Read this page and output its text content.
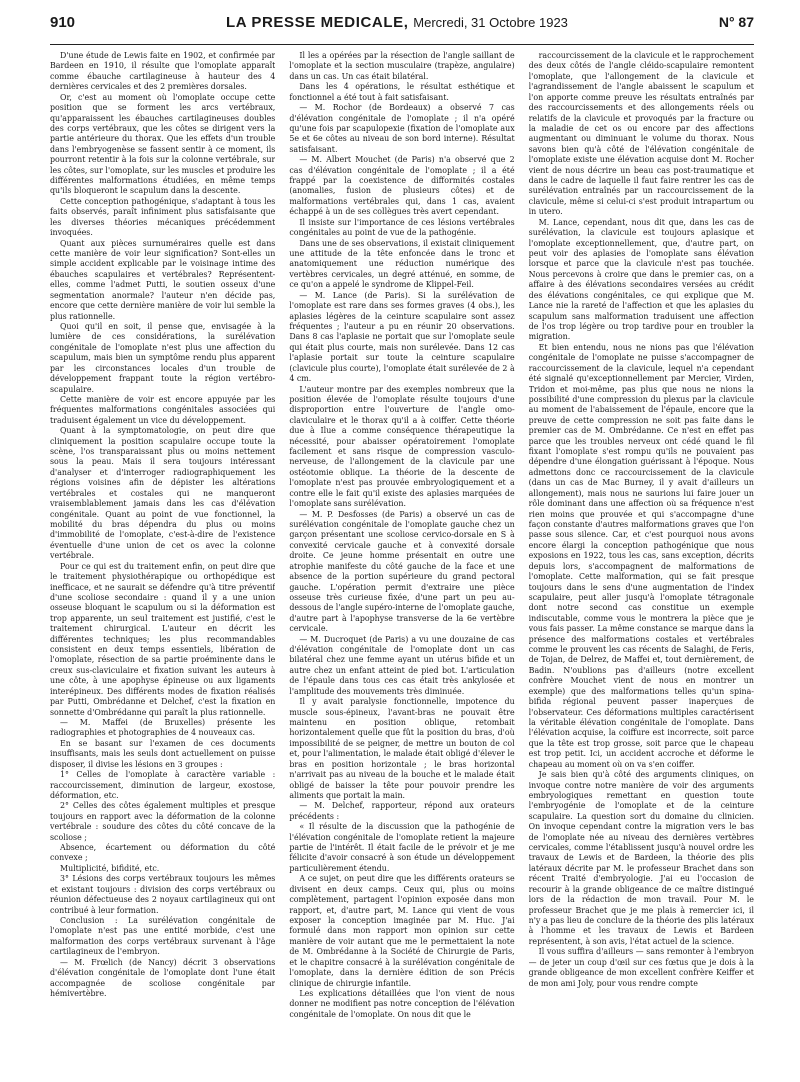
910	LA PRESSE MEDICALE, Mercredi, 31 Octobre 1923	N° 87

D'une étude de Lewis faite en 1902, et confirmée par Bardeen en 1910, il résulte que l'omoplate apparaît comme ébauche cartilagineuse à hauteur des 4 dernières cervicales et des 2 premières dorsales.

Or, c'est au moment où l'omoplate occupe cette position que se forment les arcs vertébraux, qu'apparaissent les ébauches cartilagineuses doubles des corps vertébraux, que les côtes se dirigent vers la partie antérieure du thorax. Que les effets d'un trouble dans l'embryogenèse se fassent sentir à ce moment, ils pourront retentir à la fois sur la colonne vertébrale, sur les côtes, sur l'omoplate, sur les muscles et produire les différentes malformations étudiées, en même temps qu'ils bloqueront le scapulum dans la descente.

Cette conception pathogénique, s'adaptant à tous les faits observés, paraît infiniment plus satisfaisante que les diverses théories mécaniques précédemment invoquées.

Quant aux pièces surnuméraires quelle est dans cette manière de voir leur signification? Sont-elles un simple accident explicable par le voisinage intime des ébauches scapulaires et vertébrales? Représentent-elles, comme l'admet Putti, le soutien osseux d'une segmentation anormale? l'auteur n'en décide pas, encore que cette dernière manière de voir lui semble la plus rationnelle.

Quoi qu'il en soit, il pense que, envisagée à la lumière de ces considérations, la surélévation congénitale de l'omoplate n'est plus une affection du scapulum, mais bien un symptôme rendu plus apparent par les circonstances locales d'un trouble de développement frappant toute la région vertébro-scapulaire.

Cette manière de voir est encore appuyée par les fréquentes malformations congénitales associées qui traduisent également un vice du développement.

Quant à la symptomatologie, on peut dire que cliniquement la position scapulaire occupe toute la scène, l'os transparaissant plus ou moins nettement sous la peau. Mais il sera toujours intéressant d'analyser et d'interroger radiographiquement les régions voisines afin de dépister les altérations vertébrales et costales qui ne manqueront vraisemblablement jamais dans les cas d'élévation congénitale. Quant au point de vue fonctionnel, la mobilité du bras dépendra du plus ou moins d'immobilité de l'omoplate, c'est-à-dire de l'existence éventuelle d'une union de cet os avec la colonne vertébrale.

Pour ce qui est du traitement enfin, on peut dire que le traitement physiothérapique ou orthopédique est inefficace, et ne saurait se défendre qu'à titre préventif d'une scoliose secondaire : quand il y a une union osseuse bloquant le scapulum ou si la déformation est trop apparente, un seul traitement est justifié, c'est le traitement chirurgical. L'auteur en décrit les différentes techniques; les plus recommandables consistent en deux temps essentiels, libération de l'omoplate, résection de sa partie proéminente dans le creux sus-claviculaire et fixation suivant les auteurs à une côte, à une apophyse épineuse ou aux ligaments interépineux. Des différents modes de fixation réalisés par Putti, Ombrédanne et Delchef, c'est la fixation en sonnette d'Ombrédanne qui paraît la plus rationnelle.

— M. Maffei (de Bruxelles) présente les radiographies et photographies de 4 nouveaux cas.

En se basant sur l'examen de ces documents insuffisants, mais les seuls dont actuellement on puisse disposer, il divise les lésions en 3 groupes :

1° Celles de l'omoplate à caractère variable : raccourcissement, diminution de largeur, exostose, déformation, etc.

2° Celles des côtes également multiples et presque toujours en rapport avec la déformation de la colonne vertébrale : soudure des côtes du côté concave de la scoliose ;

Absence, écartement ou déformation du côté convexe ;

Multiplicité, bifidité, etc.

3° Lésions des corps vertébraux toujours les mêmes et existant toujours : division des corps vertébraux ou réunion défectueuse des 2 noyaux cartilagineux qui ont contribué à leur formation.

Conclusion : La surélévation congénitale de l'omoplate n'est pas une entité morbide, c'est une malformation des corps vertébraux survenant à l'âge cartilagineux de l'embryon.

— M. Frœlich (de Nancy) décrit 3 observations d'élévation congénitale de l'omoplate dont l'une était accompagnée de scoliose congénitale par hémivertèbre.

Il les a opérées par la résection de l'angle saillant de l'omoplate et la section musculaire (trapèze, angulaire) dans un cas. Un cas était bilatéral.

Dans les 4 opérations, le résultat esthétique et fonctionnel a été tout à fait satisfaisant.

— M. Rochor (de Bordeaux) a observé 7 cas d'élévation congénitale de l'omoplate ; il n'a opéré qu'une fois par scapulopexie (fixation de l'omoplate aux 5e et 6e côtes au niveau de son bord interne). Résultat satisfaisant.

— M. Albert Mouchet (de Paris) n'a observé que 2 cas d'élévation congénitale de l'omoplate ; il a été frappé par la coexistence de difformités costales (anomalies, fusion de plusieurs côtes) et de malformations vertébrales qui, dans 1 cas, avaient échappé à un de ses collègues très avert cependant.

Il insiste sur l'importance de ces lésions vertébrales congénitales au point de vue de la pathogénie.

Dans une de ses observations, il existait cliniquement une attitude de la tête enfoncée dans le tronc et anatomiquement une réduction numérique des vertèbres cervicales, un degré atténué, en somme, de ce qu'on a appelé le syndrome de Klippel-Feil.

— M. Lance (de Paris). Si la surélévation de l'omoplate est rare dans ses formes graves (4 obs.), les aplasies légères de la ceinture scapulaire sont assez fréquentes ; l'auteur a pu en réunir 20 observations. Dans 8 cas l'aplasie ne portait que sur l'omoplate seule qui était plus courte, mais non surélevée. Dans 12 cas l'aplasie portait sur toute la ceinture scapulaire (clavicule plus courte), l'omoplate était surélevée de 2 à 4 cm.

L'auteur montre par des exemples nombreux que la position élevée de l'omoplate résulte toujours d'une disproportion entre l'ouverture de l'angle omo-claviculaire et le thorax qu'il a à coiffer. Cette théorie due à Ilue a comme conséquence thérapeutique la nécessité, pour abaisser opératoirement l'omoplate facilement et sans risque de compression vasculo-nerveuse, de l'allongement de la clavicule par une ostéotomie oblique. La théorie de la descente de l'omoplate n'est pas prouvée embryologiquement et a contre elle le fait qu'il existe des aplasies marquées de l'omoplate sans surélévation.

— M. P. Desfosses (de Paris) a observé un cas de surélévation congénitale de l'omoplate gauche chez un garçon présentant une scoliose cervico-dorsale en S à convexité cervicale gauche et à convexité dorsale droite. Ce jeune homme présentait en outre une atrophie manifeste du côté gauche de la face et une absence de la portion supérieure du grand pectoral gauche. L'opération permit d'extraire une pièce osseuse très curieuse fixée, d'une part un peu au-dessous de l'angle supéro-interne de l'omoplate gauche, d'autre part à l'apophyse transverse de la 6e vertèbre cervicale.

— M. Ducroquet (de Paris) a vu une douzaine de cas d'élévation congénitale de l'omoplate dont un cas bilatéral chez une femme ayant un utérus bifide et un autre chez un enfant atteint de pied bot. L'articulation de l'épaule dans tous ces cas était très ankylosée et l'amplitude des mouvements très diminuée.

Il y avait paralysie fonctionnelle, impotence du muscle sous-épineux, l'avant-bras ne pouvait être maintenu en position oblique, retombait horizontalement quelle que fût la position du bras, d'où impossibilité de se peigner, de mettre un bouton de col et, pour l'alimentation, le malade était obligé d'élever le bras en position horizontale ; le bras horizontal n'arrivait pas au niveau de la bouche et le malade était obligé de baisser la tête pour pouvoir prendre les aliments que portait la main.

— M. Delchef, rapporteur, répond aux orateurs précédents :

« Il résulte de la discussion que la pathogénie de l'élévation congénitale de l'omoplate retient la majeure partie de l'intérêt. Il était facile de le prévoir et je me félicite d'avoir consacré à son étude un développement particulièrement étendu.

A ce sujet, on peut dire que les différents orateurs se divisent en deux camps. Ceux qui, plus ou moins complètement, partagent l'opinion exposée dans mon rapport, et, d'autre part, M. Lance qui vient de vous exposer la conception imaginée par M. Huc. J'ai formulé dans mon rapport mon opinion sur cette manière de voir autant que me le permettaient la note de M. Ombrédanne à la Société de Chirurgie de Paris, et le chapitre consacré à la surélévation congénitale de l'omoplate, dans la dernière édition de son Précis clinique de chirurgie infantile.

Les explications détaillées que l'on vient de nous donner ne modifient pas notre conception de l'élévation congénitale de l'omoplate. On nous dit que le

raccourcissement de la clavicule et le rapprochement des deux côtés de l'angle cléido-scapulaire remontent l'omoplate, que l'allongement de la clavicule et l'agrandissement de l'angle abaissent le scapulum et l'on apporte comme preuve les résultats entraînés par des raccourcissements et des allongements réels ou relatifs de la clavicule et provoqués par la fracture ou la maladie de cet os ou encore par des affections augmentant ou diminuant le volume du thorax. Nous savons bien qu'à côté de l'élévation congénitale de l'omoplate existe une élévation acquise dont M. Rocher vient de nous décrire un beau cas post-traumatique et dans le cadre de laquelle il faut faire rentrer les cas de surélévation entraînés par un raccourcissement de la clavicule, même si celui-ci s'est produit intrapartum ou in utero.

M. Lance, cependant, nous dit que, dans les cas de surélévation, la clavicule est toujours aplasique et l'omoplate exceptionnellement, que, d'autre part, on peut voir des aplasies de l'omoplate sans élévation lorsque et parce que la clavicule n'est pas touchée. Nous percevons à croire que dans le premier cas, on a affaire à des élévations secondaires versées au crédit des élévations congénitales, ce qui explique que M. Lance nie la rareté de l'affection et que les aplasies du scapulum sans malformation traduisent une affection de l'os trop légère ou trop tardive pour en troubler la migration.

Et bien entendu, nous ne nions pas que l'élévation congénitale de l'omoplate ne puisse s'accompagner de raccourcissement de la clavicule, lequel n'a cependant été signalé qu'exceptionnellement par Mercier, Virden, Tridon et moi-même, pas plus que nous ne nions la possibilité d'une compression du plexus par la clavicule au moment de l'abaissement de l'épaule, encore que la preuve de cette compression ne soit pas faite dans le premier cas de M. Ombrédanne. Ce n'est en effet pas parce que les troubles nerveux ont cédé quand le fil fixant l'omoplate s'est rompu qu'ils ne pouvaient pas dépendre d'une élongation guérissant à l'époque. Nous admettons donc ce raccourcissement de la clavicule (dans un cas de Mac Burney, il y avait d'ailleurs un allongement), mais nous ne saurions lui faire jouer un rôle dominant dans une affection où sa fréquence n'est rien moins que prouvée et qui s'accompagne d'une façon constante d'autres malformations graves que l'on passe sous silence. Car, et c'est pourquoi nous avons encore élargi la conception pathogénique que nous exposions en 1922, tous les cas, sans exception, décrits depuis lors, s'accompagnent de malformations de l'omoplate. Cette malformation, qui se fait presque toujours dans le sens d'une augmentation de l'index scapulaire, peut aller jusqu'à l'omoplate tétragonale dont notre second cas constitue un exemple indiscutable, comme vous le montrera la pièce que je vous fais passer. La même constance se marque dans la présence des malformations costales et vertébrales comme le prouvent les cas récents de Salaghi, de Feris, de Tojan, de Delrez, de Maffei et, tout dernièrement, de Badin. N'oublions pas d'ailleurs (notre excellent confrère Mouchet vient de nous en montrer un exemple) que des malformations telles qu'un spina-bifida régional peuvent passer inaperçues de l'observateur. Ces déformations multiples caractérisent la véritable élévation congénitale de l'omoplate. Dans l'élévation acquise, la coiffure est incorrecte, soit parce que la tête est trop grosse, soit parce que le chapeau est trop petit. Ici, un accident accroche et déforme le chapeau au moment où on va s'en coiffer.

Je sais bien qu'à côté des arguments cliniques, on invoque contre notre manière de voir des arguments embryologiques remettant en question toute l'embryogénie de l'omoplate et de la ceinture scapulaire. La question sort du domaine du clinicien. On invoque cependant contre la migration vers le bas de l'omoplate née au niveau des dernières vertèbres cervicales, comme l'établissent jusqu'à nouvel ordre les travaux de Lewis et de Bardeen, la théorie des plis latéraux décrite par M. le professeur Brachet dans son récent Traité d'embryologie. J'ai eu l'occasion de recourir à la grande obligeance de ce maître distingué lors de la rédaction de mon travail. Pour M. le professeur Brachet que je me plais à remercier ici, il n'y a pas lieu de conclure de la théorie des plis latéraux à l'homme et les travaux de Lewis et Bardeen représentent, à son avis, l'état actuel de la science.

Il vous suffira d'ailleurs — sans remonter à l'embryon — de jeter un coup d'œil sur ces fœtus que je dois à la grande obligeance de mon excellent confrère Keiffer et de mon ami Joly, pour vous rendre compte
